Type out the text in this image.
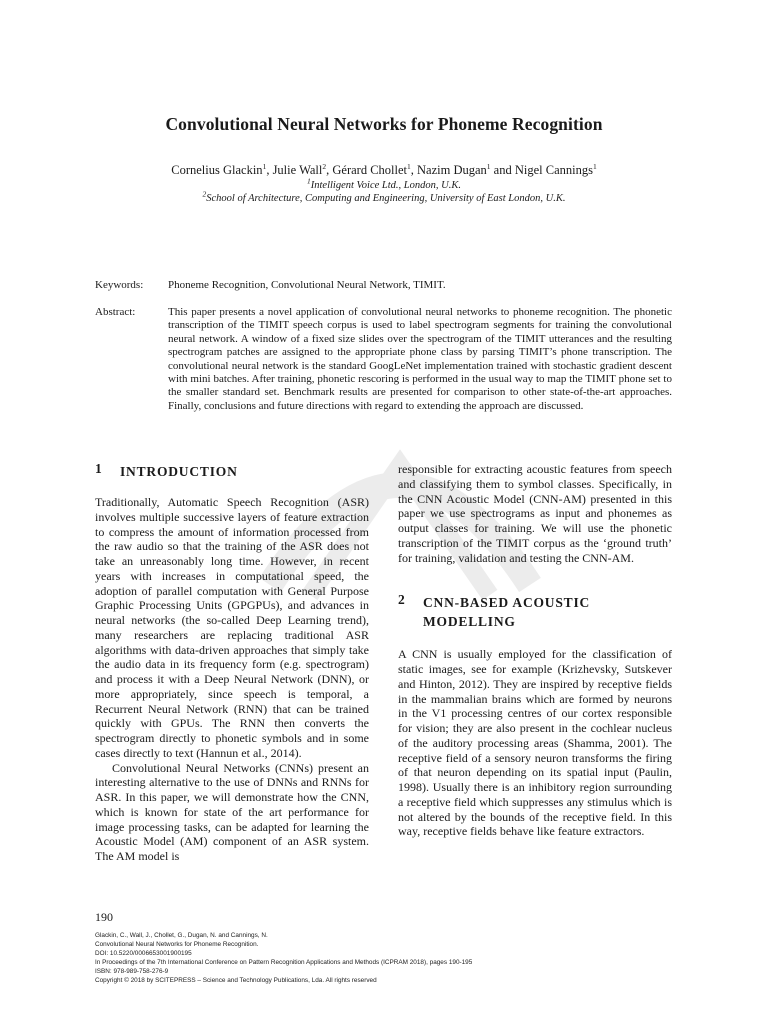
Convolutional Neural Networks for Phoneme Recognition
Cornelius Glackin$^1$, Julie Wall$^2$, Gérard Chollet$^1$, Nazim Dugan$^1$ and Nigel Cannings$^1$
$^1$Intelligent Voice Ltd., London, U.K.
$^2$School of Architecture, Computing and Engineering, University of East London, U.K.
Keywords: Phoneme Recognition, Convolutional Neural Network, TIMIT.
Abstract:	This paper presents a novel application of convolutional neural networks to phoneme recognition. The phonetic transcription of the TIMIT speech corpus is used to label spectrogram segments for training the convolutional neural network. A window of a fixed size slides over the spectrogram of the TIMIT utterances and the resulting spectrogram patches are assigned to the appropriate phone class by parsing TIMIT’s phone transcription. The convolutional neural network is the standard GoogLeNet implementation trained with stochastic gradient descent with mini batches. After training, phonetic rescoring is performed in the usual way to map the TIMIT phone set to the smaller standard set. Benchmark results are presented for comparison to other state-of-the-art approaches. Finally, conclusions and future directions with regard to extending the approach are discussed.
1	INTRODUCTION

Traditionally, Automatic Speech Recognition (ASR) involves multiple successive layers of feature extraction to compress the amount of information processed from the raw audio so that the training of the ASR does not take an unreasonably long time. However, in recent years with increases in computational speed, the adoption of parallel computation with General Purpose Graphic Processing Units (GPGPUs), and advances in neural networks (the so-called Deep Learning trend), many researchers are replacing traditional ASR algorithms with data-driven approaches that simply take the audio data in its frequency form (e.g. spectrogram) and process it with a Deep Neural Network (DNN), or more appropriately, since speech is temporal, a Recurrent Neural Network (RNN) that can be trained quickly with GPUs. The RNN then converts the spectrogram directly to phonetic symbols and in some cases directly to text (Hannun et al., 2014).

Convolutional Neural Networks (CNNs) present an interesting alternative to the use of DNNs and RNNs for ASR. In this paper, we will demonstrate how the CNN, which is known for state of the art performance for image processing tasks, can be adapted for learning the Acoustic Model (AM) component of an ASR system. The AM model is

responsible for extracting acoustic features from speech and classifying them to symbol classes. Specifically, in the CNN Acoustic Model (CNN-AM) presented in this paper we use spectrograms as input and phonemes as output classes for training. We will use the phonetic transcription of the TIMIT corpus as the ‘ground truth’ for training, validation and testing the CNN-AM.

2	CNN-BASED ACOUSTIC MODELLING

A CNN is usually employed for the classification of static images, see for example (Krizhevsky, Sutskever and Hinton, 2012). They are inspired by receptive fields in the mammalian brains which are formed by neurons in the V1 processing centres of our cortex responsible for vision; they are also present in the cochlear nucleus of the auditory processing areas (Shamma, 2001). The receptive field of a sensory neuron transforms the firing of that neuron depending on its spatial input (Paulin, 1998). Usually there is an inhibitory region surrounding a receptive field which suppresses any stimulus which is not altered by the bounds of the receptive field. In this way, receptive fields behave like feature extractors.

190
Glackin, C., Wall, J., Chollet, G., Dugan, N. and Cannings, N.
Convolutional Neural Networks for Phoneme Recognition.
DOI: 10.5220/0006653001900195
In Proceedings of the 7th International Conference on Pattern Recognition Applications and Methods (ICPRAM 2018), pages 190-195
ISBN: 978-989-758-276-9
Copyright © 2018 by SCITEPRESS – Science and Technology Publications, Lda. All rights reserved
